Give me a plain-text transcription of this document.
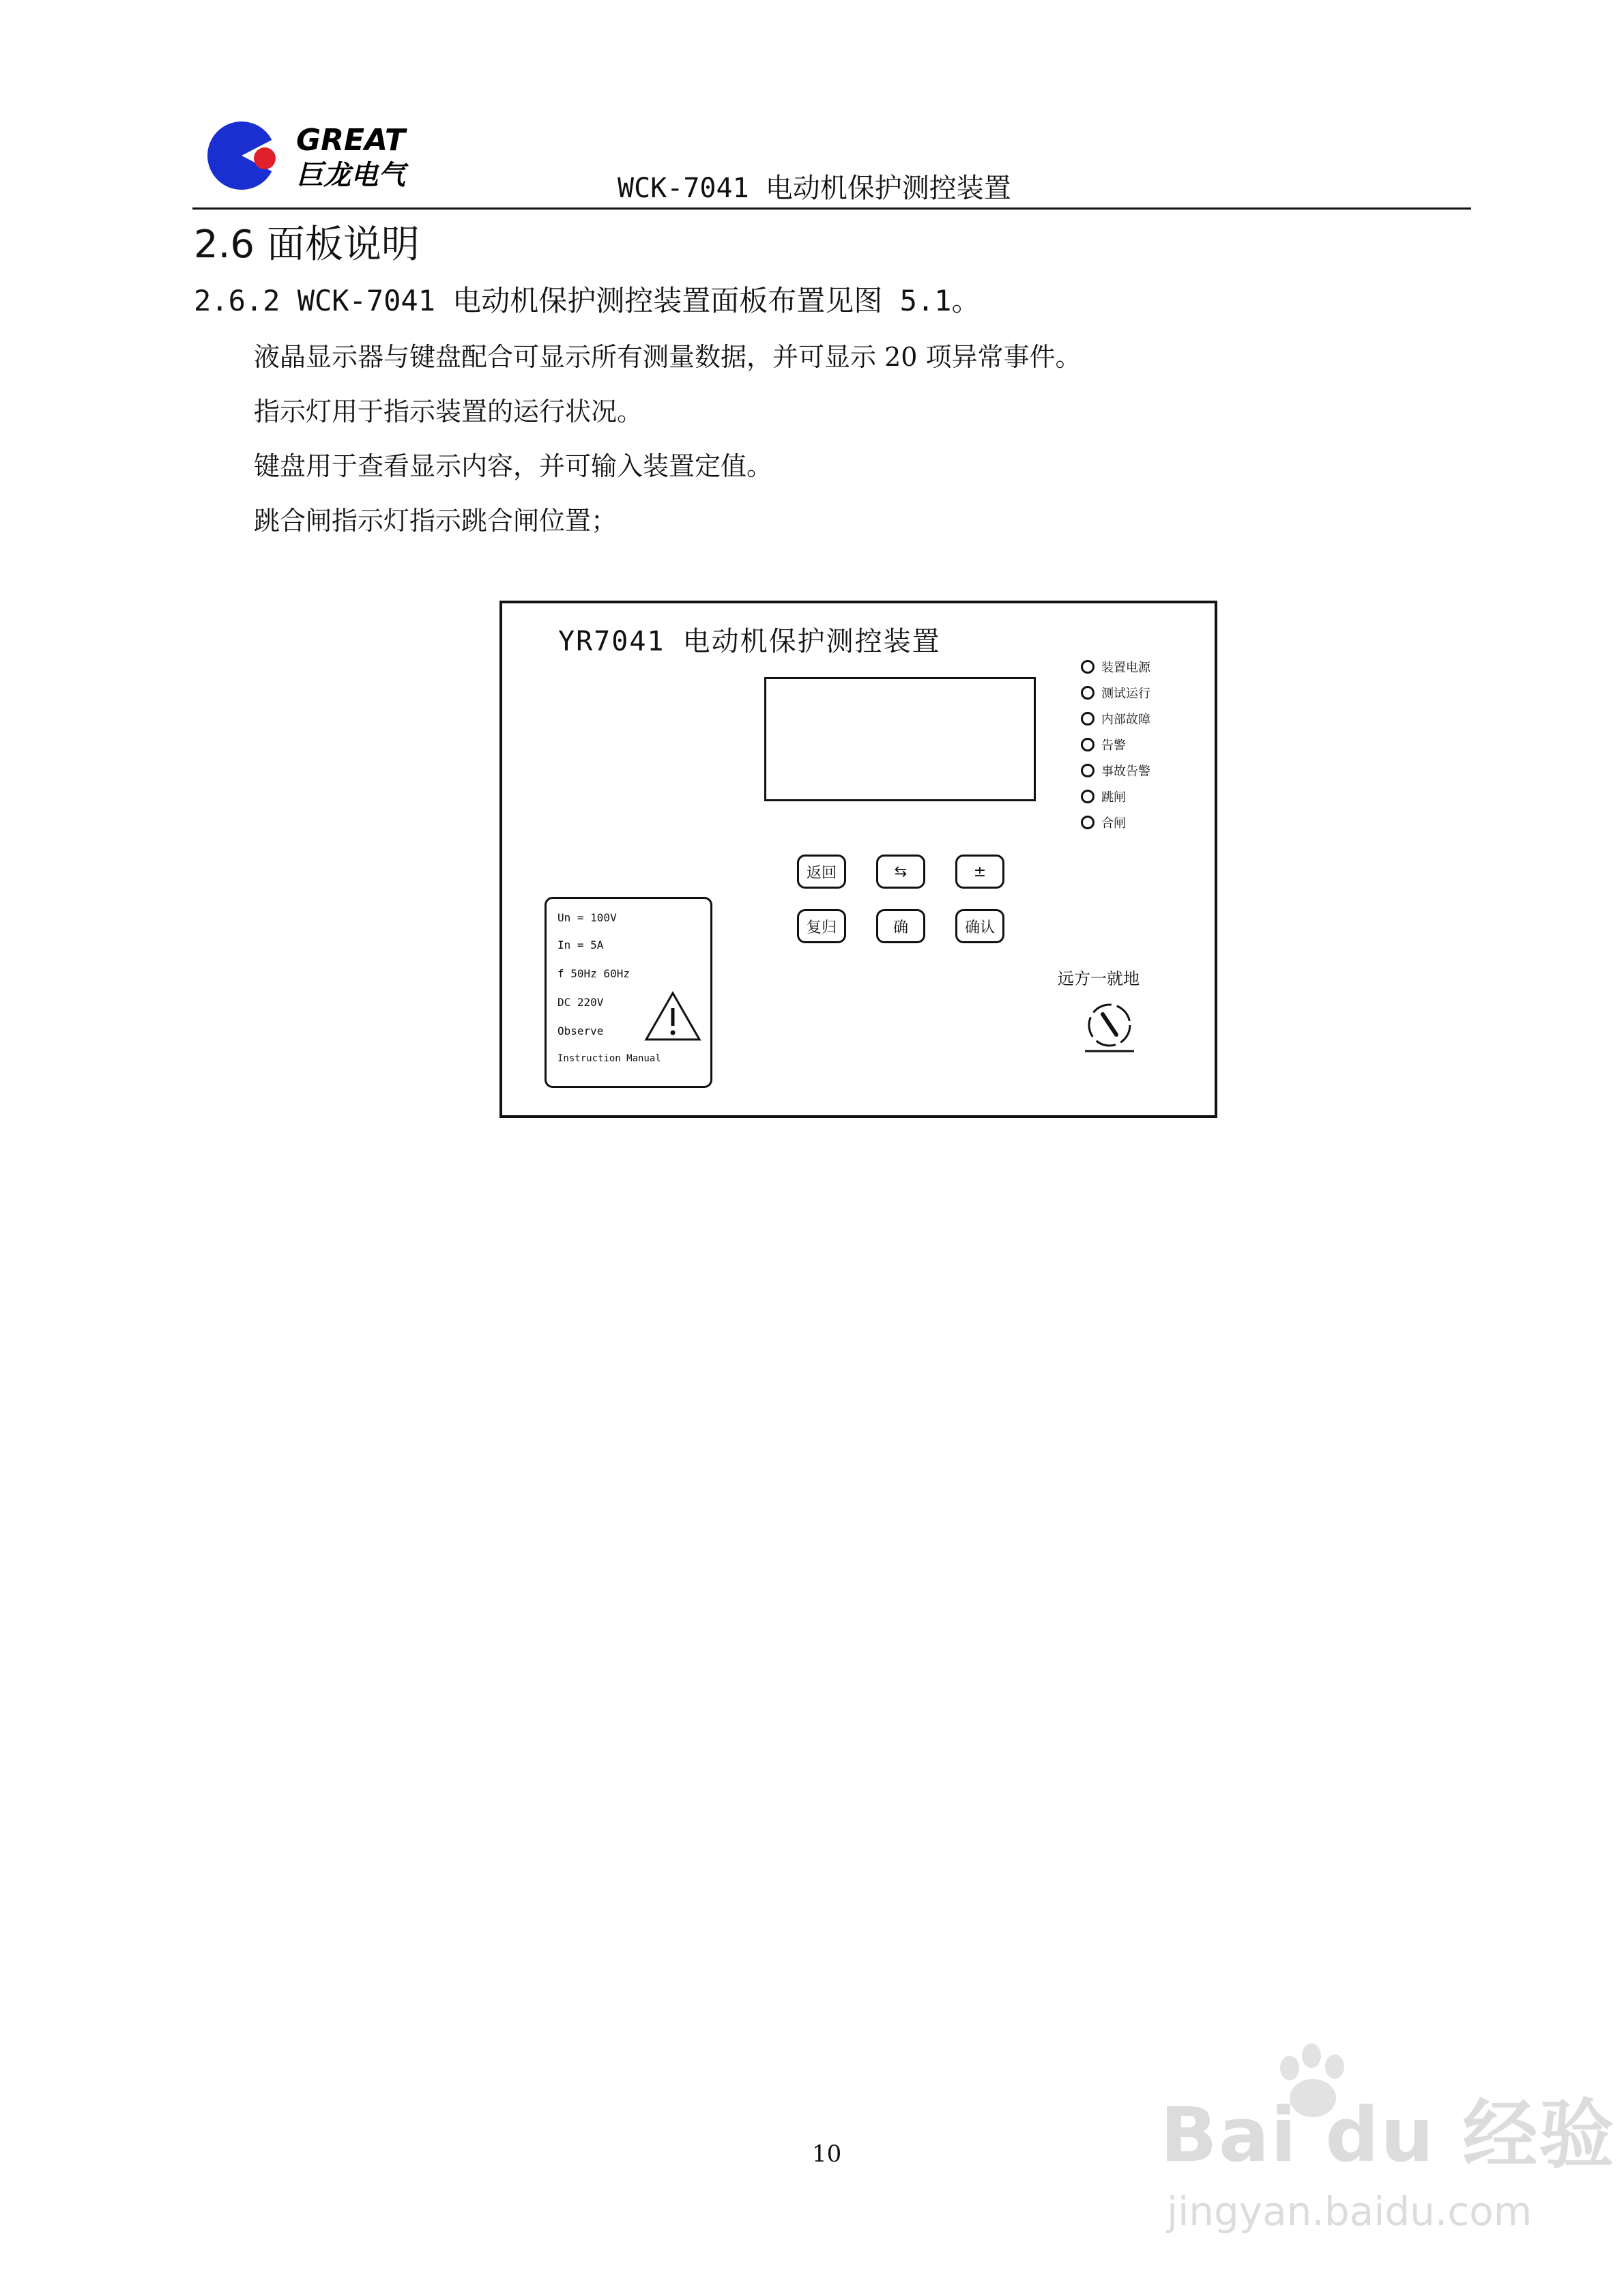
GREAT
巨龙电气	WCK-7041 电动机保护测控装置
2.6 面板说明
2.6.2 WCK-7041 电动机保护测控装置面板布置见图 5.1。
液晶显示器与键盘配合可显示所有测量数据，并可显示 20 项异常事件。
指示灯用于指示装置的运行状况。
键盘用于查看显示内容，并可输入装置定值。
跳合闸指示灯指示跳合闸位置；
YR7041 电动机保护测控装置
装置电源
测试运行
内部故障
告警
事故告警
跳闸
合闸
返回	⇆	±
复归	确	确认
Un = 100V
In = 5A
f 50Hz 60Hz
DC 220V
Observe
Instruction Manual
远方一就地
10	Bai du 经验
jingyan.baidu.com
